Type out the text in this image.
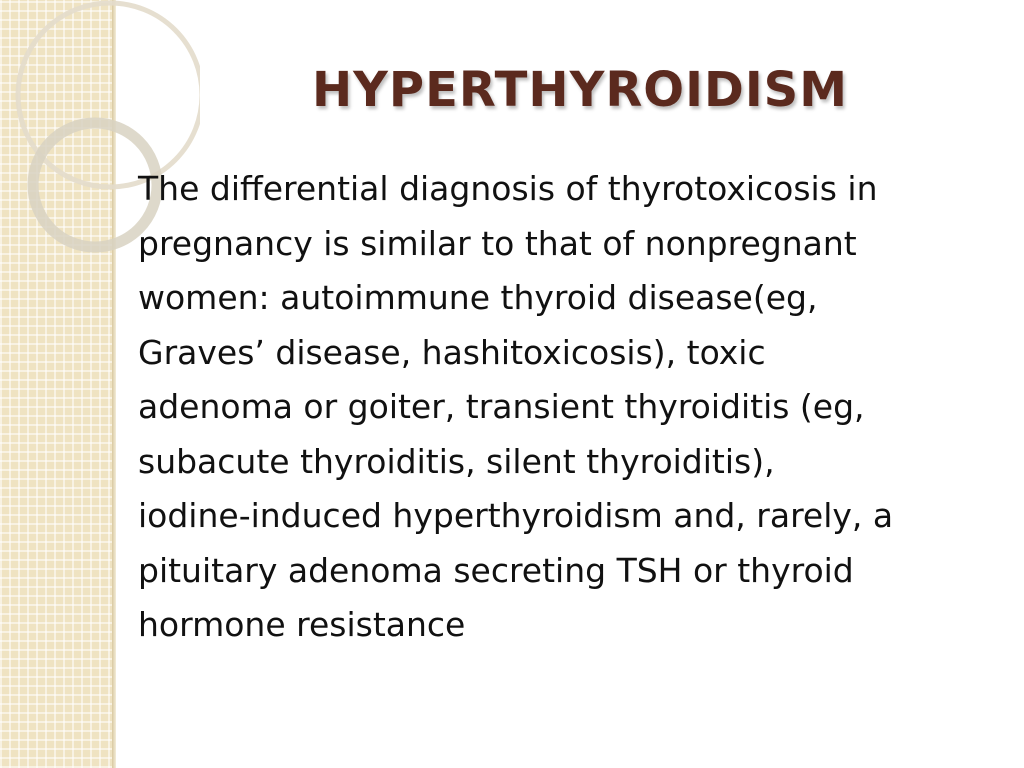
HYPERTHYROIDISM
The differential diagnosis of thyrotoxicosis in
pregnancy is similar to that of nonpregnant
women: autoimmune thyroid disease(eg,
Graves’ disease, hashitoxicosis), toxic
adenoma or goiter, transient thyroiditis (eg,
subacute thyroiditis, silent thyroiditis),
iodine-induced hyperthyroidism and, rarely, a
pituitary adenoma secreting TSH or thyroid
hormone resistance
